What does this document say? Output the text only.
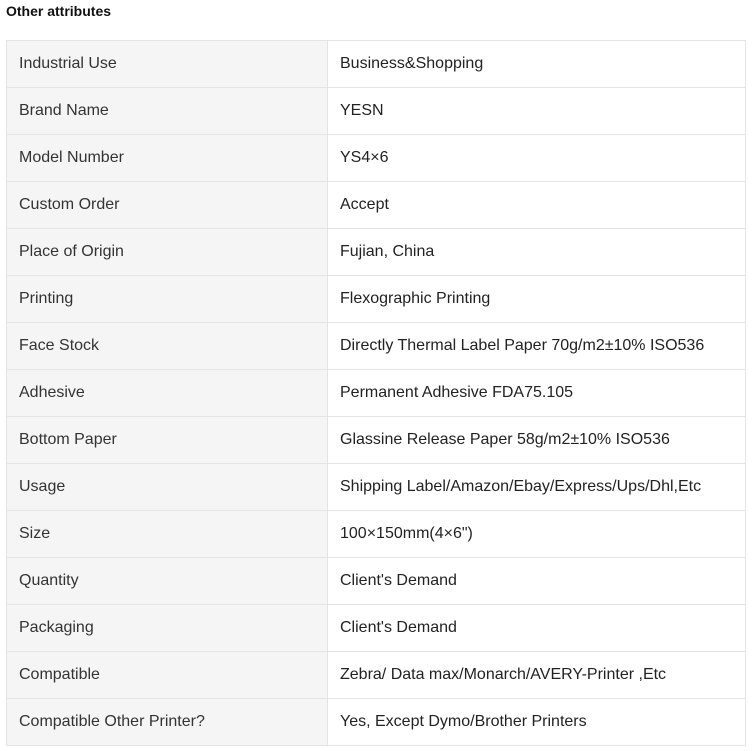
Other attributes
Industrial Use	Business&Shopping
Brand Name	YESN
Model Number	YS4×6
Custom Order	Accept
Place of Origin	Fujian, China
Printing	Flexographic Printing
Face Stock	Directly Thermal Label Paper 70g/m2±10% ISO536
Adhesive	Permanent Adhesive FDA75.105
Bottom Paper	Glassine Release Paper 58g/m2±10% ISO536
Usage	Shipping Label/Amazon/Ebay/Express/Ups/Dhl,Etc
Size	100×150mm(4×6")
Quantity	Client's Demand
Packaging	Client's Demand
Compatible	Zebra/ Data max/Monarch/AVERY-Printer ,Etc
Compatible Other Printer?	Yes, Except Dymo/Brother Printers
